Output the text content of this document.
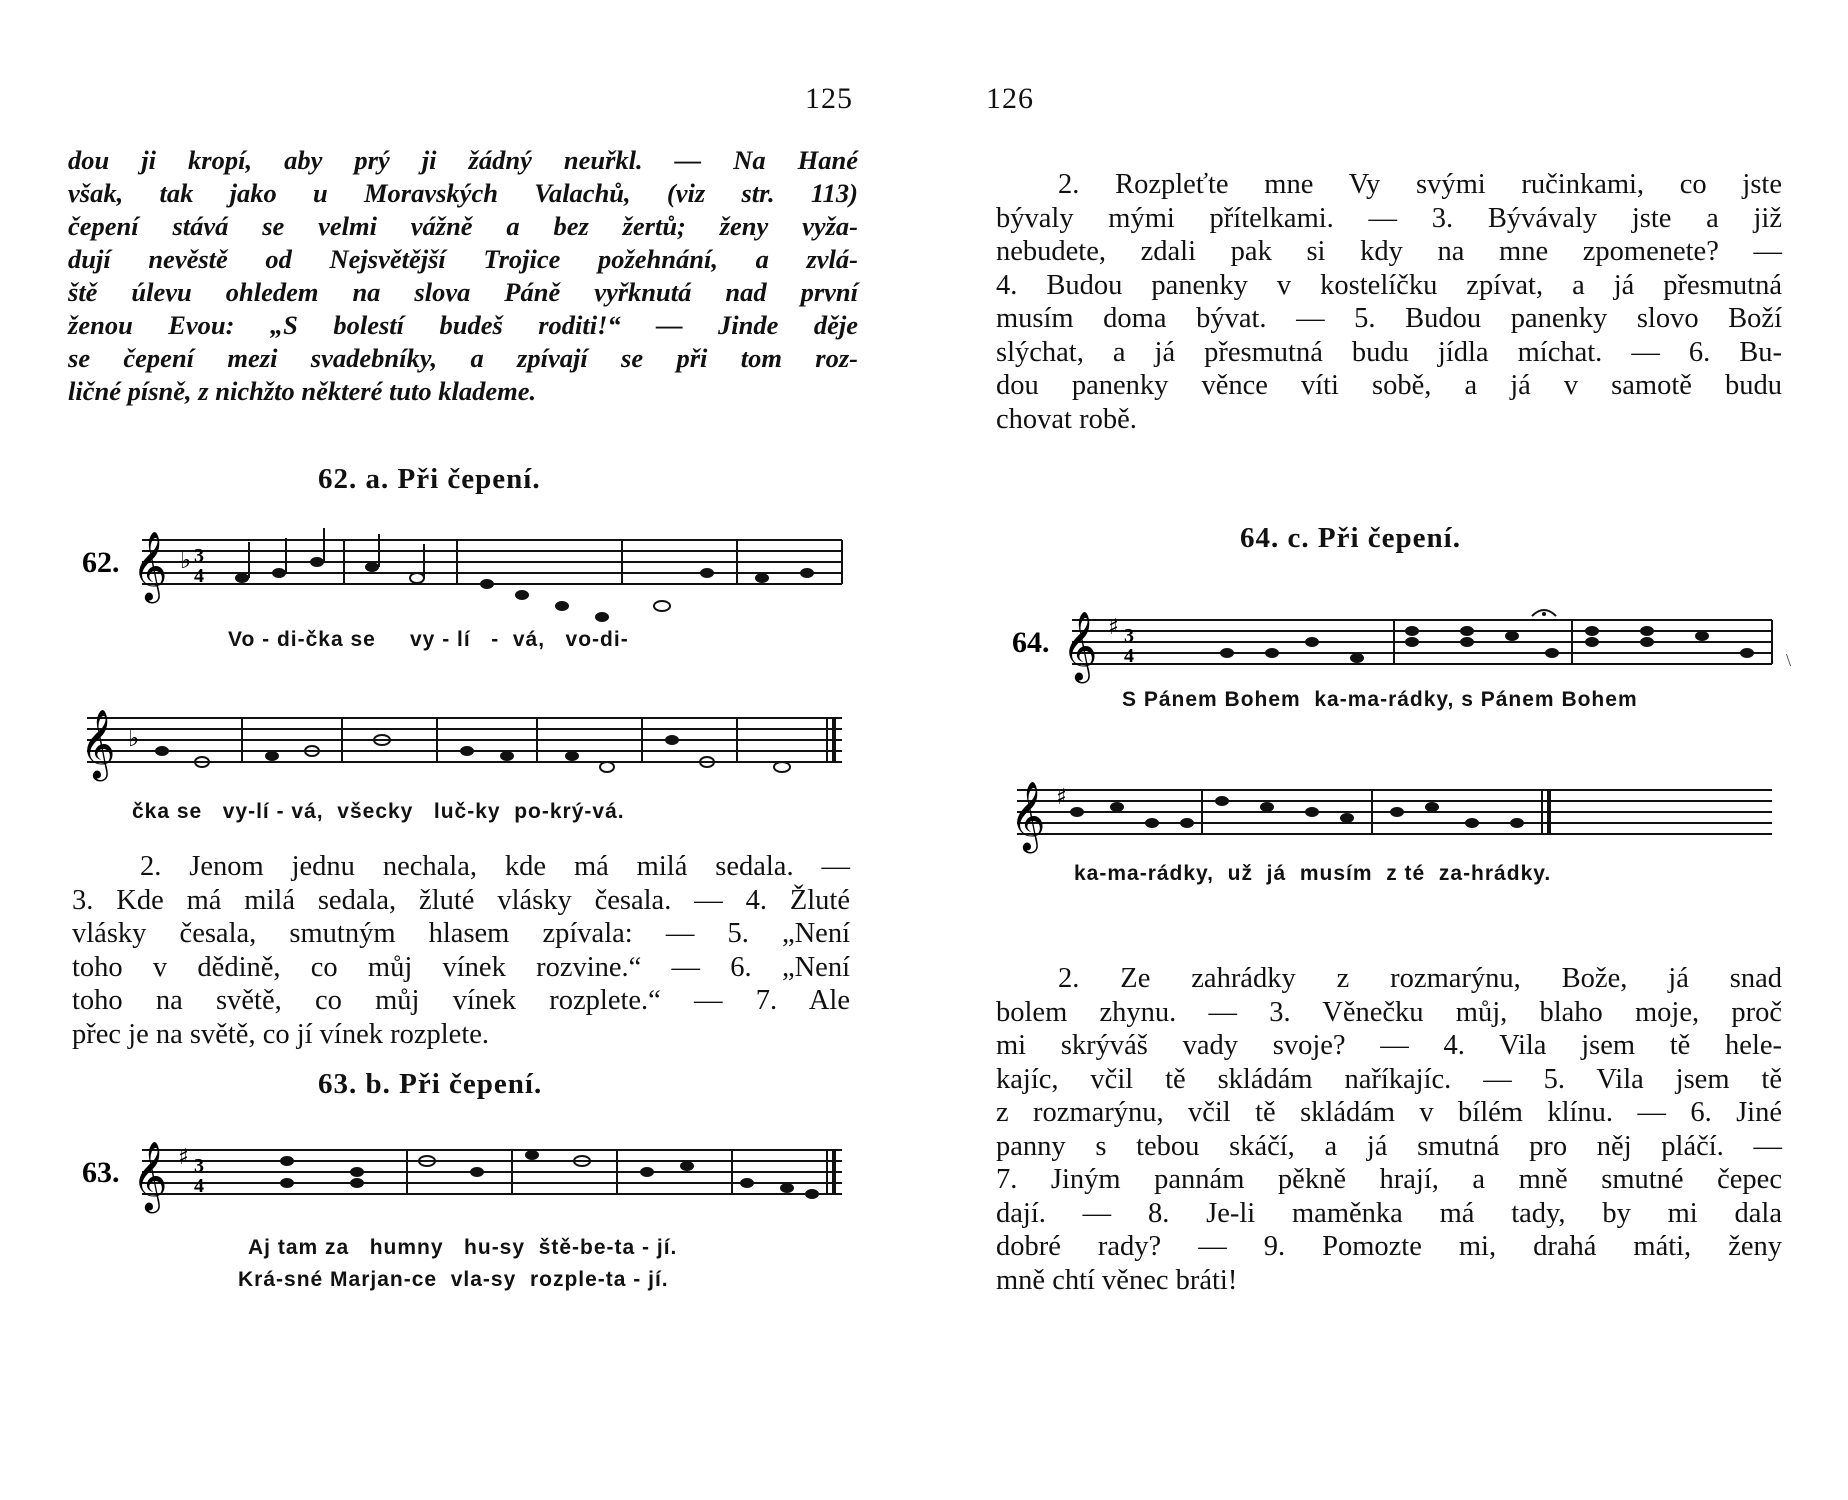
125
dou ji kropí, aby prý ji žádný neuřkl. — Na Hané
však, tak jako u Moravských Valachů, (viz str. 113)
čepení stává se velmi vážně a bez žertů; ženy vyža-
dují nevěstě od Nejsvětější Trojice požehnání, a zvlá-
ště úlevu ohledem na slova Páně vyřknutá nad první
ženou Evou: „S bolestí budeš roditi!“ — Jinde děje
se čepení mezi svadebníky, a zpívají se při tom roz-
ličné písně, z nichžto některé tuto klademe.
62. a. Při čepení.
62. 𝄞 ♭ 3
4
Vo - di-čka se     vy - lí   -  vá,   vo-di-
𝄞 ♭
čka se   vy-lí - vá,  všecky   luč-ky  po-krý-vá.
2. Jenom jednu nechala, kde má milá sedala. —
3. Kde má milá sedala, žluté vlásky česala. — 4. Žluté
vlásky česala, smutným hlasem zpívala: — 5. „Není
toho v dědině, co můj vínek rozvine.“ — 6. „Není
toho na světě, co můj vínek rozplete.“ — 7. Ale
přec je na světě, co jí vínek rozplete.
63. b. Při čepení.
63. 𝄞 ♯ 3
4
Aj tam za   humny   hu-sy  ště-be-ta - jí.
Krá-sné Marjan-ce  vla-sy  rozple-ta - jí.
126
2. Rozpleťte mne Vy svými ručinkami, co jste
bývaly mými přítelkami. — 3. Bývávaly jste a již
nebudete, zdali pak si kdy na mne zpomenete? —
4. Budou panenky v kostelíčku zpívat, a já přesmutná
musím doma bývat. — 5. Budou panenky slovo Boží
slýchat, a já přesmutná budu jídla míchat. — 6. Bu-
dou panenky věnce víti sobě, a já v samotě budu
chovat robě.
64. c. Při čepení.
64. 𝄞 ♯ 3
4
S Pánem Bohem  ka-ma-rádky, s Pánem Bohem
\
𝄞 ♯
ka-ma-rádky,  už  já  musím  z té  za-hrádky.
2. Ze zahrádky z rozmarýnu, Bože, já snad
bolem zhynu. — 3. Věnečku můj, blaho moje, proč
mi skrýváš vady svoje? — 4. Vila jsem tě hele-
kajíc, včil tě skládám naříkajíc. — 5. Vila jsem tě
z rozmarýnu, včil tě skládám v bílém klínu. — 6. Jiné
panny s tebou skáčí, a já smutná pro něj pláčí. —
7. Jiným pannám pěkně hrají, a mně smutné čepec
dají. — 8. Je-li maměnka má tady, by mi dala
dobré rady? — 9. Pomozte mi, drahá máti, ženy
mně chtí věnec bráti!
